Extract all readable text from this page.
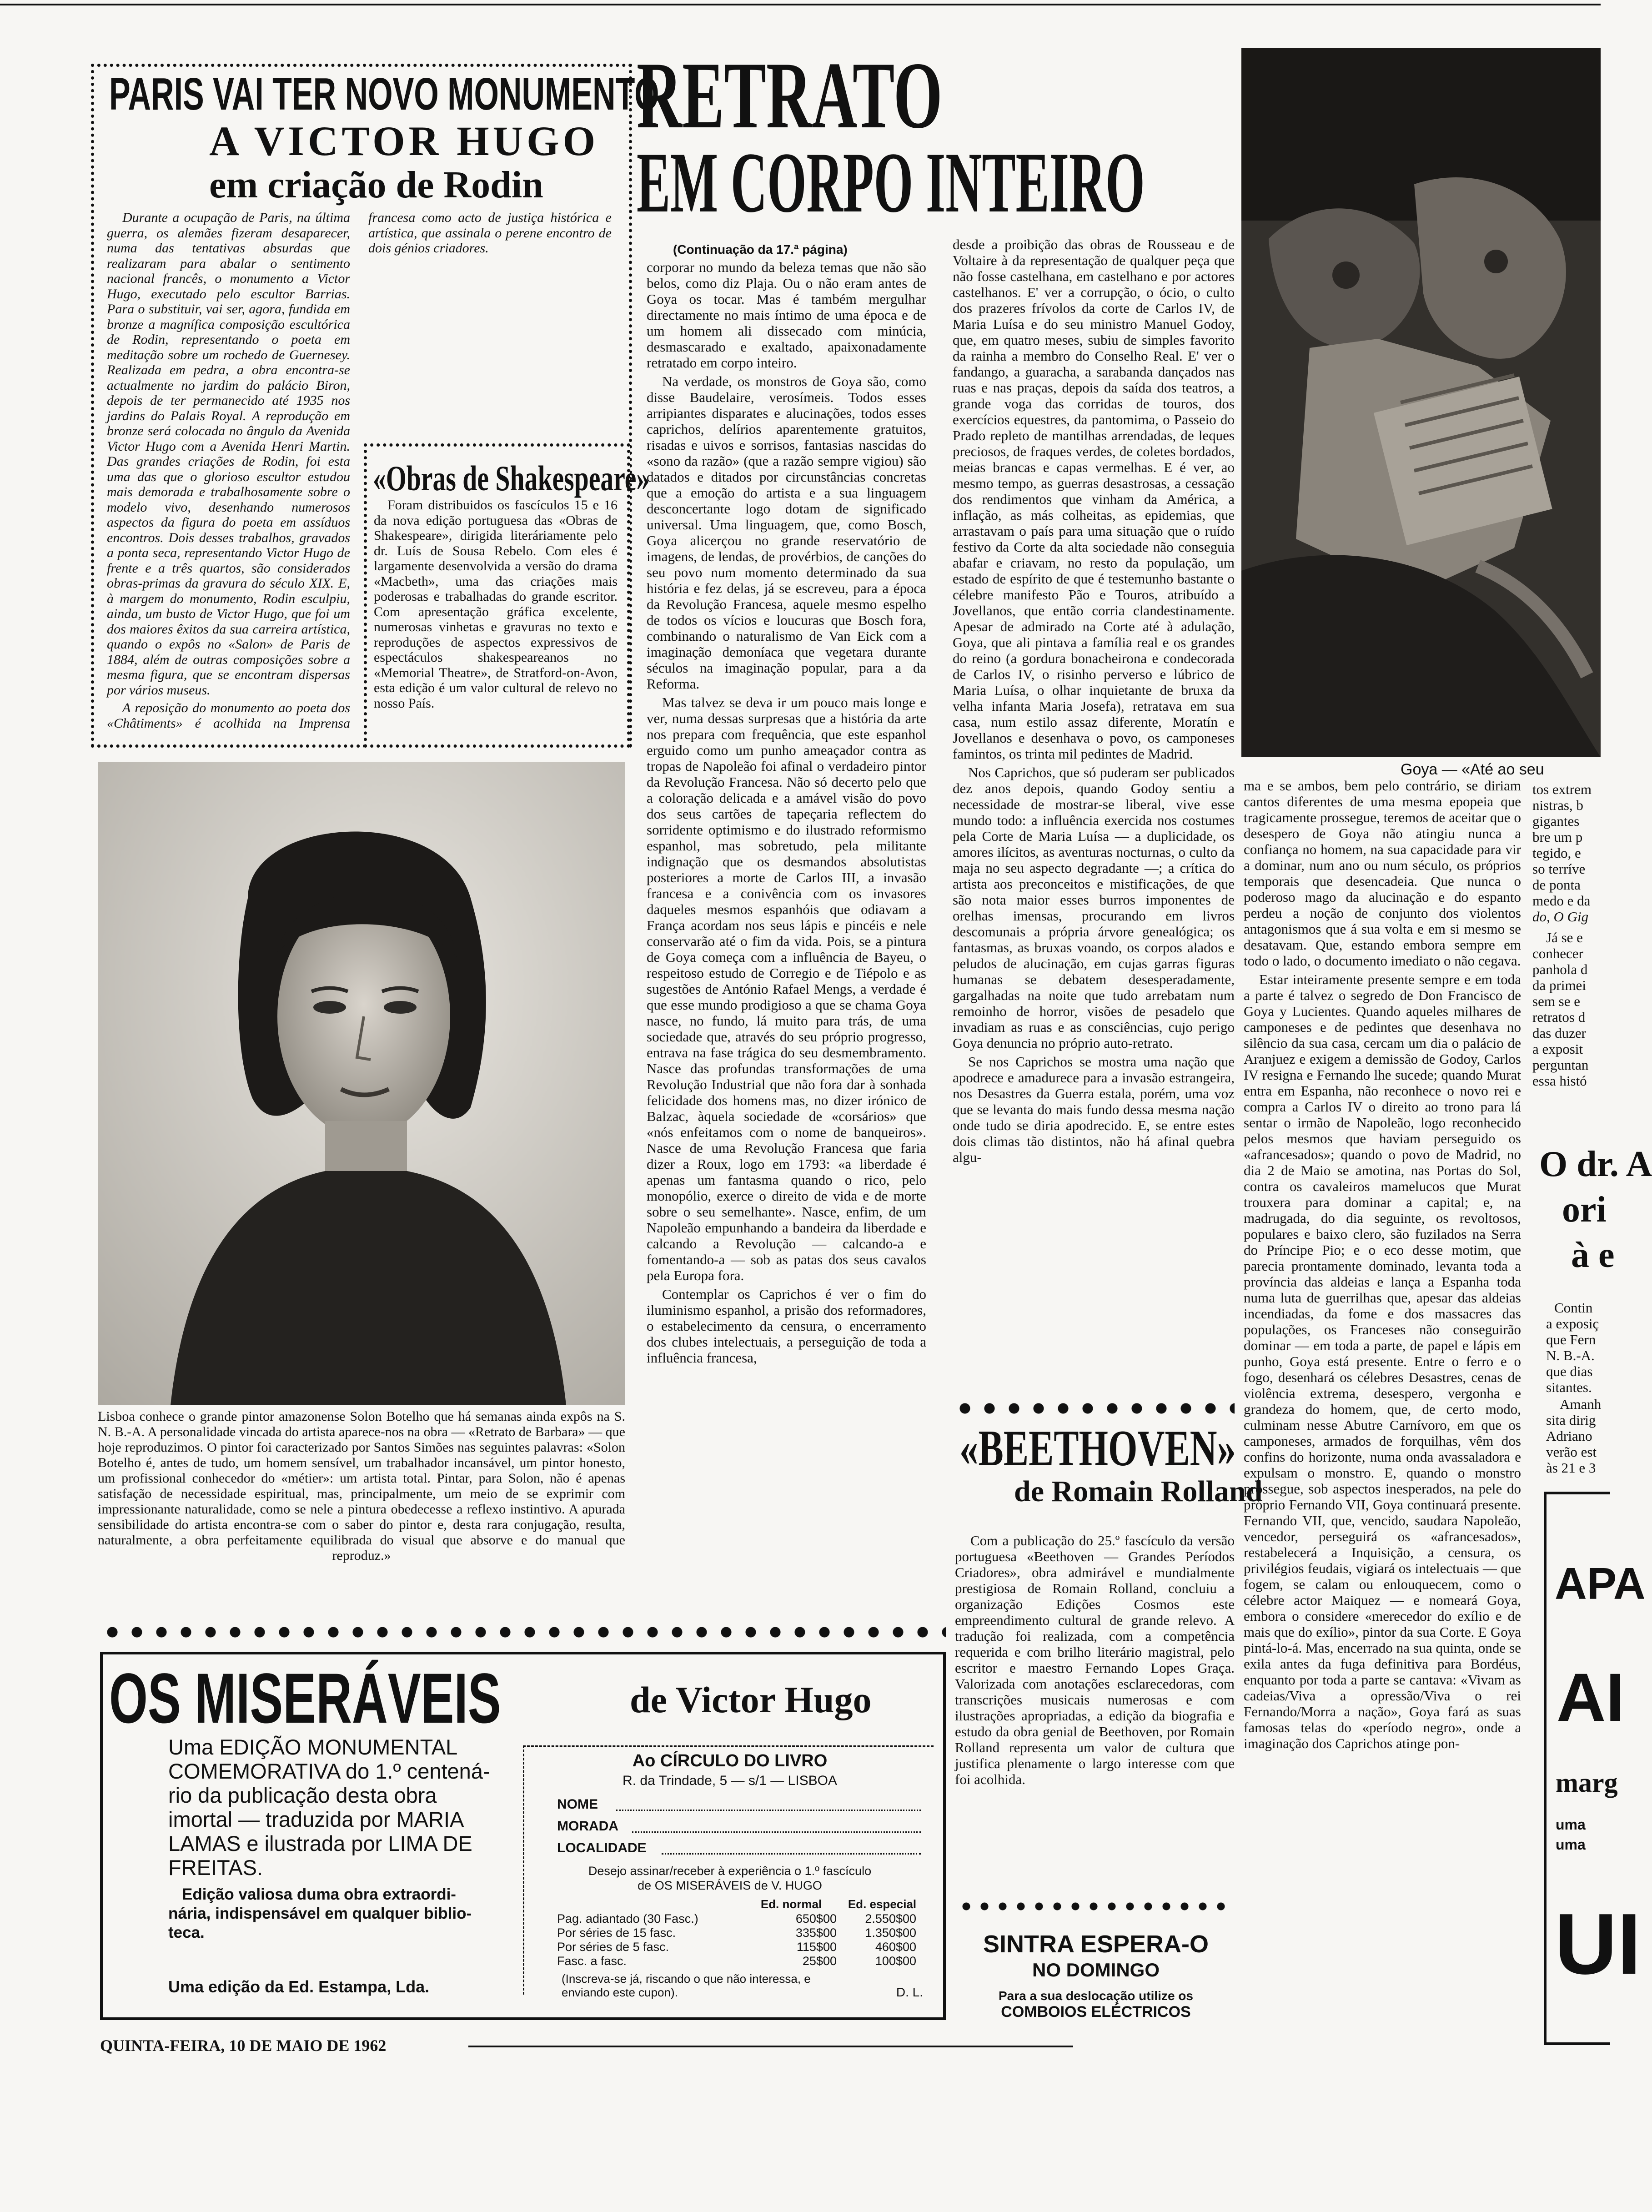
PARIS VAI TER NOVO MONUMENTO
A VICTOR HUGO
em criação de Rodin

Durante a ocupação de Paris, na última guerra, os alemães fizeram desaparecer, numa das tentativas absurdas que realizaram para abalar o sentimento nacional francês, o monumento a Victor Hugo, executado pelo escultor Barrias. Para o substituir, vai ser, agora, fundida em bronze a magnífica composição escultórica de Rodin, representando o poeta em meditação sobre um rochedo de Guernesey. Realizada em pedra, a obra encontra-se actualmente no jardim do palácio Biron, depois de ter permanecido até 1935 nos jardins do Palais Royal. A reprodução em bronze será colocada no ângulo da Avenida Victor Hugo com a Avenida Henri Martin. Das grandes criações de Rodin, foi esta uma das que o glorioso escultor estudou mais demorada e trabalhosamente sobre o modelo vivo, desenhando numerosos aspectos da figura do poeta em assíduos encontros. Dois desses trabalhos, gravados a ponta seca, representando Victor Hugo de frente e a três quartos, são considerados obras-primas da gravura do século XIX. E, à margem do monumento, Rodin esculpiu, ainda, um busto de Victor Hugo, que foi um dos maiores êxitos da sua carreira artística, quando o expôs no «Salon» de Paris de 1884, além de outras composições sobre a mesma figura, que se encontram dispersas por vários museus.

A reposição do monumento ao poeta dos «Châtiments» é acolhida na Imprensa francesa como acto de justiça histórica e artística, que assinala o perene encontro de dois génios criadores.

«Obras de Shakespeare»
Foram distribuidos os fascículos 15 e 16 da nova edição portuguesa das «Obras de Shakespeare», dirigida literáriamente pelo dr. Luís de Sousa Rebelo. Com eles é largamente desenvolvida a versão do drama «Macbeth», uma das criações mais poderosas e trabalhadas do grande escritor. Com apresentação gráfica excelente, numerosas vinhetas e gravuras no texto e reproduções de aspectos expressivos de espectáculos shakespeareanos no «Memorial Theatre», de Stratford-on-Avon, esta edição é um valor cultural de relevo no nosso País.
Lisboa conhece o grande pintor amazonense Solon Botelho que há semanas ainda expôs na S. N. B.-A. A personalidade vincada do artista aparece-nos na obra — «Retrato de Barbara» — que hoje reproduzimos. O pintor foi caracterizado por Santos Simões nas seguintes palavras: «Solon Botelho é, antes de tudo, um homem sensível, um trabalhador incansável, um pintor honesto, um profissional conhecedor do «métier»: um artista total. Pintar, para Solon, não é apenas satisfação de necessidade espiritual, mas, principalmente, um meio de se exprimir com impressionante naturalidade, como se nele a pintura obedecesse a reflexo instintivo. A apurada sensibilidade do artista encontra-se com o saber do pintor e, desta rara conjugação, resulta, naturalmente, a obra perfeitamente equilibrada do visual que absorve e do manual que reproduz.»
RETRATO
EM CORPO INTEIRO
(Continuação da 17.ª página)

corporar no mundo da beleza temas que não são belos, como diz Plaja. Ou o não eram antes de Goya os tocar. Mas é também mergulhar directamente no mais íntimo de uma época e de um homem ali dissecado com minúcia, desmascarado e exaltado, apaixonadamente retratado em corpo inteiro.

Na verdade, os monstros de Goya são, como disse Baudelaire, verosímeis. Todos esses arripiantes disparates e alucinações, todos esses caprichos, delírios aparentemente gratuitos, risadas e uivos e sorrisos, fantasias nascidas do «sono da razão» (que a razão sempre vigiou) são datados e ditados por circunstâncias concretas que a emoção do artista e a sua linguagem desconcertante logo dotam de significado universal. Uma linguagem, que, como Bosch, Goya alicerçou no grande reservatório de imagens, de lendas, de provérbios, de canções do seu povo num momento determinado da sua história e fez delas, já se escreveu, para a época da Revolução Francesa, aquele mesmo espelho de todos os vícios e loucuras que Bosch fora, combinando o naturalismo de Van Eick com a imaginação demoníaca que vegetara durante séculos na imaginação popular, para a da Reforma.

Mas talvez se deva ir um pouco mais longe e ver, numa dessas surpresas que a história da arte nos prepara com frequência, que este espanhol erguido como um punho ameaçador contra as tropas de Napoleão foi afinal o verdadeiro pintor da Revolução Francesa. Não só decerto pelo que a coloração delicada e a amável visão do povo dos seus cartões de tapeçaria reflectem do sorridente optimismo e do ilustrado reformismo espanhol, mas sobretudo, pela militante indignação que os desmandos absolutistas posteriores a morte de Carlos III, a invasão francesa e a conivência com os invasores daqueles mesmos espanhóis que odiavam a França acordam nos seus lápis e pincéis e nele conservarão até o fim da vida. Pois, se a pintura de Goya começa com a influência de Bayeu, o respeitoso estudo de Corregio e de Tiépolo e as sugestões de António Rafael Mengs, a verdade é que esse mundo prodigioso a que se chama Goya nasce, no fundo, lá muito para trás, de uma sociedade que, através do seu próprio progresso, entrava na fase trágica do seu desmembramento. Nasce das profundas transformações de uma Revolução Industrial que não fora dar à sonhada felicidade dos homens mas, no dizer irónico de Balzac, àquela sociedade de «corsários» que «nós enfeitamos com o nome de banqueiros». Nasce de uma Revolução Francesa que faria dizer a Roux, logo em 1793: «a liberdade é apenas um fantasma quando o rico, pelo monopólio, exerce o direito de vida e de morte sobre o seu semelhante». Nasce, enfim, de um Napoleão empunhando a bandeira da liberdade e calcando a Revolução — calcando-a e fomentando-a — sob as patas dos seus cavalos pela Europa fora.

Contemplar os Caprichos é ver o fim do iluminismo espanhol, a prisão dos reformadores, o estabelecimento da censura, o encerramento dos clubes intelectuais, a perseguição de toda a influência francesa,

desde a proibição das obras de Rousseau e de Voltaire à da representação de qualquer peça que não fosse castelhana, em castelhano e por actores castelhanos. E' ver a corrupção, o ócio, o culto dos prazeres frívolos da corte de Carlos IV, de Maria Luísa e do seu ministro Manuel Godoy, que, em quatro meses, subiu de simples favorito da rainha a membro do Conselho Real. E' ver o fandango, a guaracha, a sarabanda dançados nas ruas e nas praças, depois da saída dos teatros, a grande voga das corridas de touros, dos exercícios equestres, da pantomima, o Passeio do Prado repleto de mantilhas arrendadas, de leques preciosos, de fraques verdes, de coletes bordados, meias brancas e capas vermelhas. E é ver, ao mesmo tempo, as guerras desastrosas, a cessação dos rendimentos que vinham da América, a inflação, as más colheitas, as epidemias, que arrastavam o país para uma situação que o ruído festivo da Corte da alta sociedade não conseguia abafar e criavam, no resto da população, um estado de espírito de que é testemunho bastante o célebre manifesto Pão e Touros, atribuído a Jovellanos, que então corria clandestinamente. Apesar de admirado na Corte até à adulação, Goya, que ali pintava a família real e os grandes do reino (a gordura bonacheirona e condecorada de Carlos IV, o risinho perverso e lúbrico de Maria Luísa, o olhar inquietante de bruxa da velha infanta Maria Josefa), retratava em sua casa, num estilo assaz diferente, Moratín e Jovellanos e desenhava o povo, os camponeses famintos, os trinta mil pedintes de Madrid.

Nos Caprichos, que só puderam ser publicados dez anos depois, quando Godoy sentiu a necessidade de mostrar-se liberal, vive esse mundo todo: a influência exercida nos costumes pela Corte de Maria Luísa — a duplicidade, os amores ilícitos, as aventuras nocturnas, o culto da maja no seu aspecto degradante —; a crítica do artista aos preconceitos e mistificações, de que são nota maior esses burros imponentes de orelhas imensas, procurando em livros descomunais a própria árvore genealógica; os fantasmas, as bruxas voando, os corpos alados e peludos de alucinação, em cujas garras figuras humanas se debatem desesperadamente, gargalhadas na noite que tudo arrebatam num remoinho de horror, visões de pesadelo que invadiam as ruas e as consciências, cujo perigo Goya denuncia no próprio auto-retrato.

Se nos Caprichos se mostra uma nação que apodrece e amadurece para a invasão estrangeira, nos Desastres da Guerra estala, porém, uma voz que se levanta do mais fundo dessa mesma nação onde tudo se diria apodrecido. E, se entre estes dois climas tão distintos, não há afinal quebra algu-

ma e se ambos, bem pelo contrário, se diriam cantos diferentes de uma mesma epopeia que tragicamente prossegue, teremos de aceitar que o desespero de Goya não atingiu nunca a confiança no homem, na sua capacidade para vir a dominar, num ano ou num século, os próprios temporais que desencadeia. Que nunca o poderoso mago da alucinação e do espanto perdeu a noção de conjunto dos violentos antagonismos que á sua volta e em si mesmo se desatavam. Que, estando embora sempre em todo o lado, o documento imediato o não cegava.

Estar inteiramente presente sempre e em toda a parte é talvez o segredo de Don Francisco de Goya y Lucientes. Quando aqueles milhares de camponeses e de pedintes que desenhava no silêncio da sua casa, cercam um dia o palácio de Aranjuez e exigem a demissão de Godoy, Carlos IV resigna e Fernando lhe sucede; quando Murat entra em Espanha, não reconhece o novo rei e compra a Carlos IV o direito ao trono para lá sentar o irmão de Napoleão, logo reconhecido pelos mesmos que haviam perseguido os «afrancesados»; quando o povo de Madrid, no dia 2 de Maio se amotina, nas Portas do Sol, contra os cavaleiros mamelucos que Murat trouxera para dominar a capital; e, na madrugada, do dia seguinte, os revoltosos, populares e baixo clero, são fuzilados na Serra do Príncipe Pio; e o eco desse motim, que parecia prontamente dominado, levanta toda a província das aldeias e lança a Espanha toda numa luta de guerrilhas que, apesar das aldeias incendiadas, da fome e dos massacres das populações, os Franceses não conseguirão dominar — em toda a parte, de papel e lápis em punho, Goya está presente. Entre o ferro e o fogo, desenhará os célebres Desastres, cenas de violência extrema, desespero, vergonha e grandeza do homem, que, de certo modo, culminam nesse Abutre Carnívoro, em que os camponeses, armados de forquilhas, vêm dos confins do horizonte, numa onda avassaladora e expulsam o monstro. E, quando o monstro prossegue, sob aspectos inesperados, na pele do próprio Fernando VII, Goya continuará presente. Fernando VII, que, vencido, saudara Napoleão, vencedor, perseguirá os «afrancesados», restabelecerá a Inquisição, a censura, os privilégios feudais, vigiará os intelectuais — que fogem, se calam ou enlouquecem, como o célebre actor Maiquez — e nomeará Goya, embora o considere «merecedor do exílio e de mais que do exílio», pintor da sua Corte. E Goya pintá-lo-á. Mas, encerrado na sua quinta, onde se exila antes da fuga definitiva para Bordéus, enquanto por toda a parte se cantava: «Vivam as cadeias/Viva a opressão/Viva o rei Fernando/Morra a nação», Goya fará as suas famosas telas do «período negro», onde a imaginação dos Caprichos atinge pon-

Goya — «Até ao seu
tos extrem
nistras, b
gigantes
bre um p
tegido, e
so terríve
de ponta
medo e da
do, O Gig
Já se e
conhecer
panhola d
da primei
sem se e
retratos d
das duzer
a exposit
perguntan
essa histó
O dr. A
ori
à e
Contin
a exposiç
que Fern
N. B.-A.
que dias
sitantes.
Amanh
sita dirig
Adriano
verão est
às 21 e 3
APA
AI
marg
uma
uma
UI
«BEETHOVEN»
de Romain Rolland
Com a publicação do 25.º fascículo da versão portuguesa «Beethoven — Grandes Períodos Criadores», obra admirável e mundialmente prestigiosa de Romain Rolland, concluiu a organização Edições Cosmos este empreendimento cultural de grande relevo. A tradução foi realizada, com a competência requerida e com brilho literário magistral, pelo escritor e maestro Fernando Lopes Graça. Valorizada com anotações esclarecedoras, com transcrições musicais numerosas e com ilustrações apropriadas, a edição da biografia e estudo da obra genial de Beethoven, por Romain Rolland representa um valor de cultura que justifica plenamente o largo interesse com que foi acolhida.
SINTRA ESPERA-O
NO DOMINGO
Para a sua deslocação utilize os
COMBOIOS ELÉCTRICOS
OS MISERÁVEIS	de Victor Hugo
Uma EDIÇÃO MONUMENTAL
COMEMORATIVA do 1.º centená-
rio da publicação desta obra
imortal — traduzida por MARIA
LAMAS e ilustrada por LIMA DE
FREITAS.
Edição valiosa duma obra extraordi-
nária, indispensável em qualquer biblio-
teca.
Uma edição da Ed. Estampa, Lda.
Ao CÍRCULO DO LIVRO
R. da Trindade, 5 — s/1 — LISBOA
NOME
MORADA
LOCALIDADE
Desejo assinar/receber à experiência o 1.º fascículo
de OS MISERÁVEIS de V. HUGO
Ed. normal	Ed. especial
Pag. adiantado (30 Fasc.)	650$00	2.550$00
Por séries de 15 fasc.	335$00	1.350$00
Por séries de 5 fasc.	115$00	460$00
Fasc. a fasc.	25$00	100$00
(Inscreva-se já, riscando o que não interessa, e
enviando este cupon).	D. L.
QUINTA-FEIRA, 10 DE MAIO DE 1962
